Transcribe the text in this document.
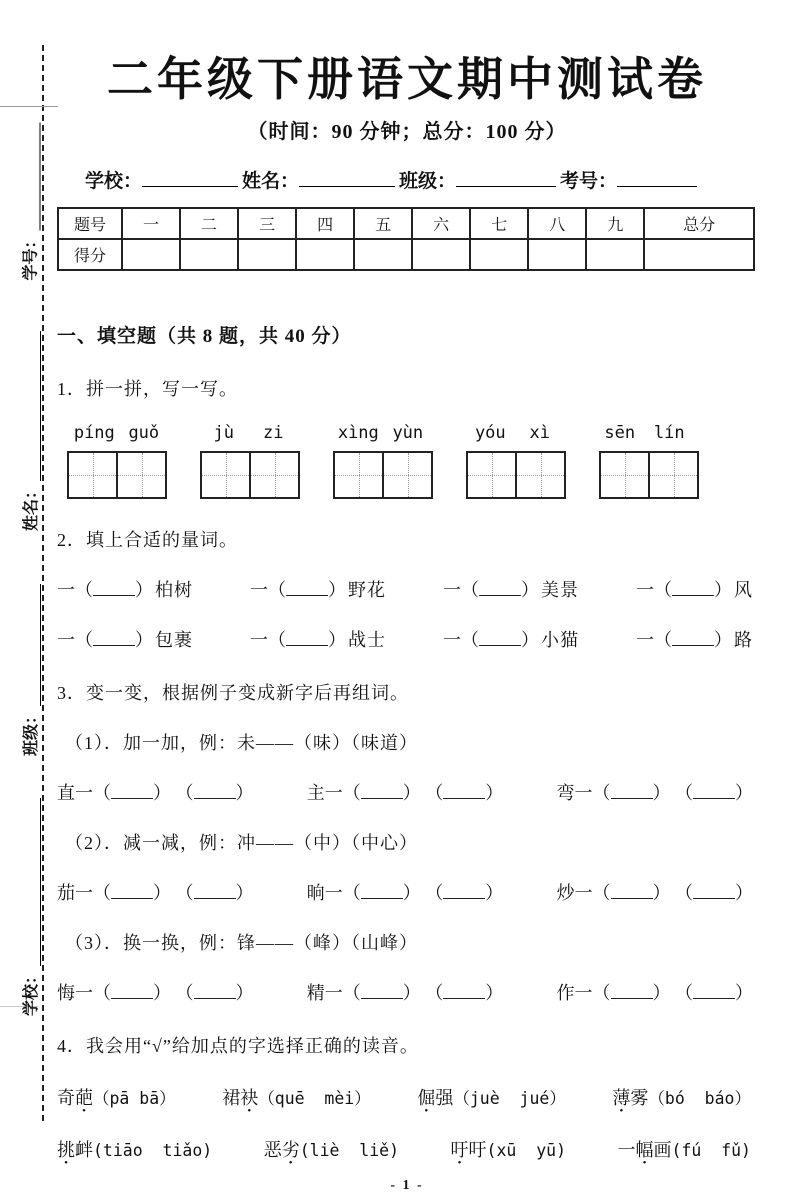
学号：
姓名：
班级：
学校：
二年级下册语文期中测试卷
（时间：90 分钟；总分：100 分）
学校：	姓名：	班级：	考号：
题号	一	二	三	四	五	六	七	八	九	总分
得分										
一、填空题（共 8 题，共 40 分）
1．拼一拼，写一写。
píng guǒ	jù zi	xìng yùn	yóu xì	sēn lín
2．填上合适的量词。
一（ ） 柏树	一（ ） 野花	一（ ） 美景	一（ ） 风
一（ ） 包裹	一（ ） 战士	一（ ） 小猫	一（ ） 路
3．变一变，根据例子变成新字后再组词。
（1）．加一加，例：未——（味）（味道）
直一（ ） （ ）	主一（ ） （ ）	弯一（ ） （ ）
（2）．减一减，例：冲——（中）（中心）
茄一（ ） （ ）	晌一（ ） （ ）	炒一（ ） （ ）
（3）．换一换，例：锋——（峰）（山峰）
悔一（ ） （ ）	精一（ ） （ ）	作一（ ） （ ）
4．我会用“√”给加点的字选择正确的读音。
奇葩（pā bā）	裙袂（quē  mèi）	倔强（juè  jué）	薄雾（bó  báo）
挑衅(tiāo  tiǎo)	恶劣(liè  liě)	吁吁(xū  yū)	一幅画(fú  fǔ)
- 1 -
